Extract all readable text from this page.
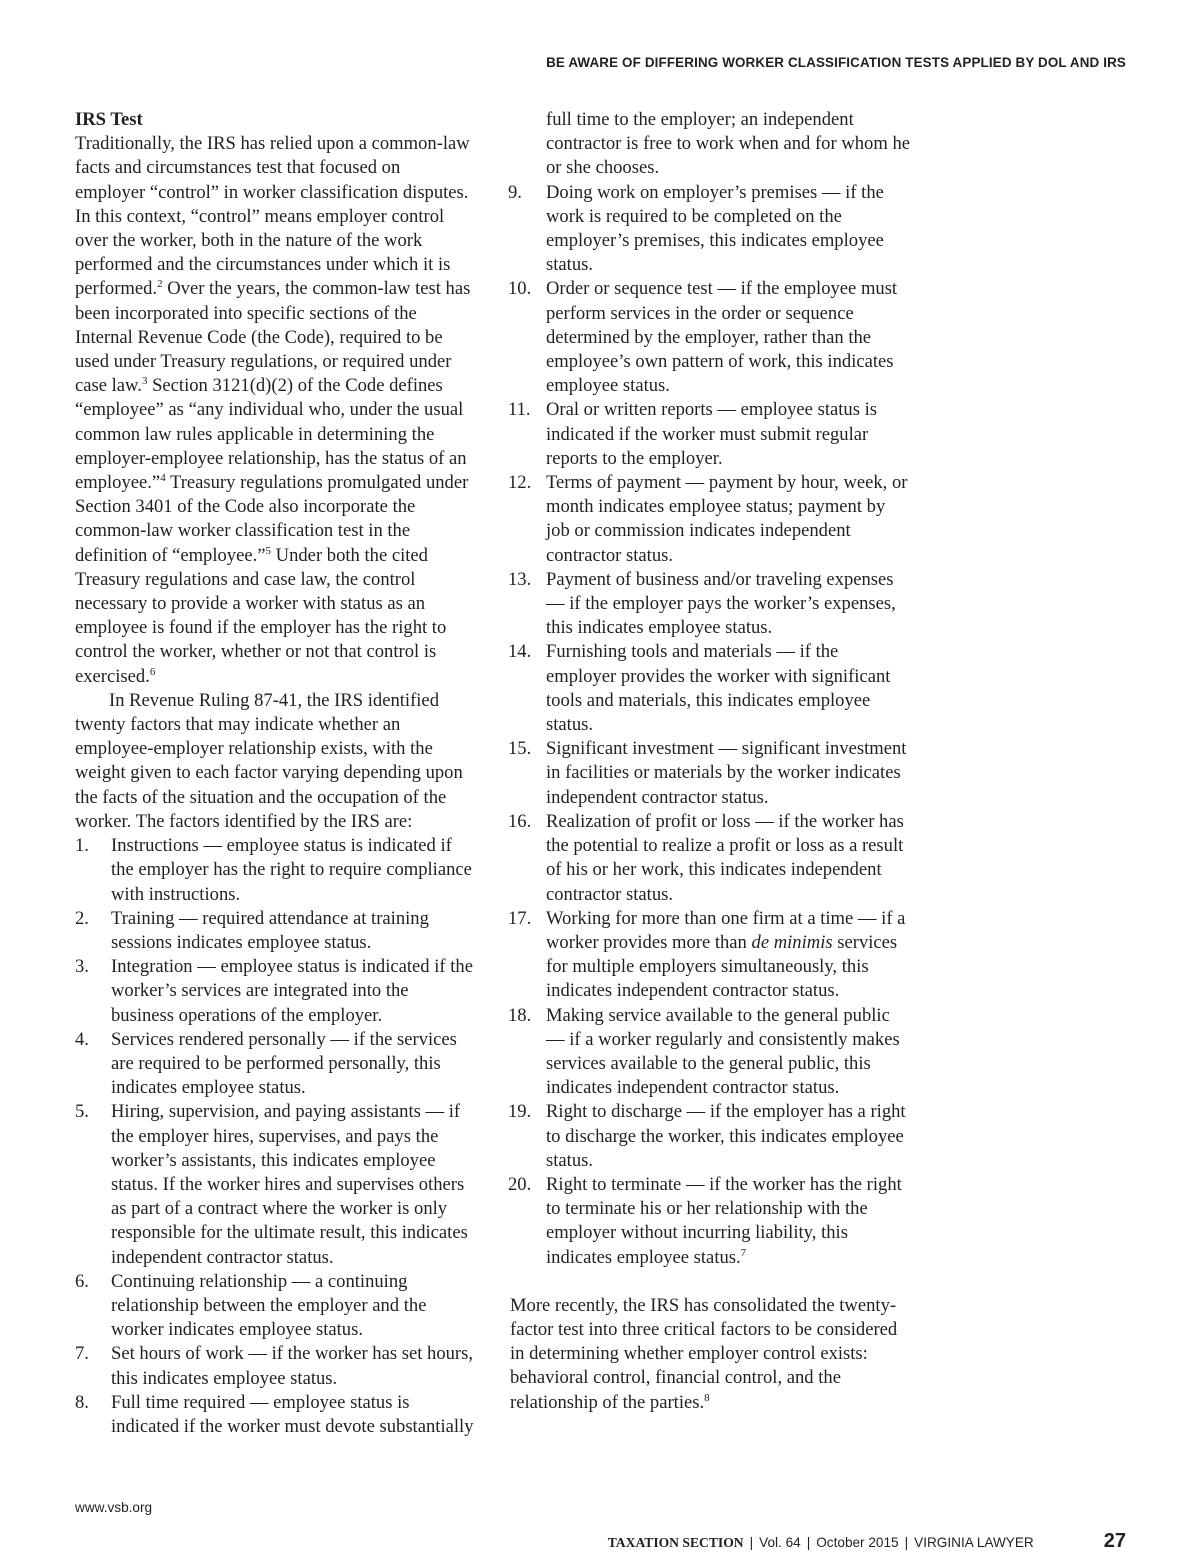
BE AWARE OF DIFFERING WORKER CLASSIFICATION TESTS APPLIED BY DOL AND IRS

IRS Test

Traditionally, the IRS has relied upon a common-law facts and circumstances test that focused on employer “control” in worker classification disputes. In this context, “control” means employer control over the worker, both in the nature of the work performed and the circumstances under which it is performed.$^2$ Over the years, the common-law test has been incorporated into specific sections of the Internal Revenue Code (the Code), required to be used under Treasury regulations, or required under case law.$^3$ Section 3121(d)(2) of the Code defines “employee” as “any individual who, under the usual common law rules applicable in determining the employer-employee relationship, has the status of an employee.”$^4$ Treasury regulations promulgated under Section 3401 of the Code also incorporate the common-law worker classification test in the definition of “employee.”$^5$ Under both the cited Treasury regulations and case law, the control necessary to provide a worker with status as an employee is found if the employer has the right to control the worker, whether or not that control is exercised.$^6$

In Revenue Ruling 87-41, the IRS identified twenty factors that may indicate whether an employee-employer relationship exists, with the weight given to each factor varying depending upon the facts of the situation and the occupation of the worker. The factors identified by the IRS are:

1. Instructions — employee status is indicated if the employer has the right to require compliance with instructions.
2. Training — required attendance at training sessions indicates employee status.
3. Integration — employee status is indicated if the worker’s services are integrated into the business operations of the employer.
4. Services rendered personally — if the services are required to be performed personally, this indicates employee status.
5. Hiring, supervision, and paying assistants — if the employer hires, supervises, and pays the worker’s assistants, this indicates employee status. If the worker hires and supervises others as part of a contract where the worker is only responsible for the ultimate result, this indicates independent contractor status.
6. Continuing relationship — a continuing relationship between the employer and the worker indicates employee status.
7. Set hours of work — if the worker has set hours, this indicates employee status.
8. Full time required — employee status is indicated if the worker must devote substantially
full time to the employer; an independent contractor is free to work when and for whom he or she chooses.
9. Doing work on employer’s premises — if the work is required to be completed on the employer’s premises, this indicates employee status.
10. Order or sequence test — if the employee must perform services in the order or sequence determined by the employer, rather than the employee’s own pattern of work, this indicates employee status.
11. Oral or written reports — employee status is indicated if the worker must submit regular reports to the employer.
12. Terms of payment — payment by hour, week, or month indicates employee status; payment by job or commission indicates independent contractor status.
13. Payment of business and/or traveling expenses — if the employer pays the worker’s expenses, this indicates employee status.
14. Furnishing tools and materials — if the employer provides the worker with significant tools and materials, this indicates employee status.
15. Significant investment — significant investment in facilities or materials by the worker indicates independent contractor status.
16. Realization of profit or loss — if the worker has the potential to realize a profit or loss as a result of his or her work, this indicates independent contractor status.
17. Working for more than one firm at a time — if a worker provides more than de minimis services for multiple employers simultaneously, this indicates independent contractor status.
18. Making service available to the general public — if a worker regularly and consistently makes services available to the general public, this indicates independent contractor status.
19. Right to discharge — if the employer has a right to discharge the worker, this indicates employee status.
20. Right to terminate — if the worker has the right to terminate his or her relationship with the employer without incurring liability, this indicates employee status.$^7$

More recently, the IRS has consolidated the twenty-factor test into three critical factors to be considered in determining whether employer control exists: behavioral control, financial control, and the relationship of the parties.$^8$

www.vsb.org
TAXATION SECTION | Vol. 64 | October 2015 | VIRGINIA LAWYER	27
